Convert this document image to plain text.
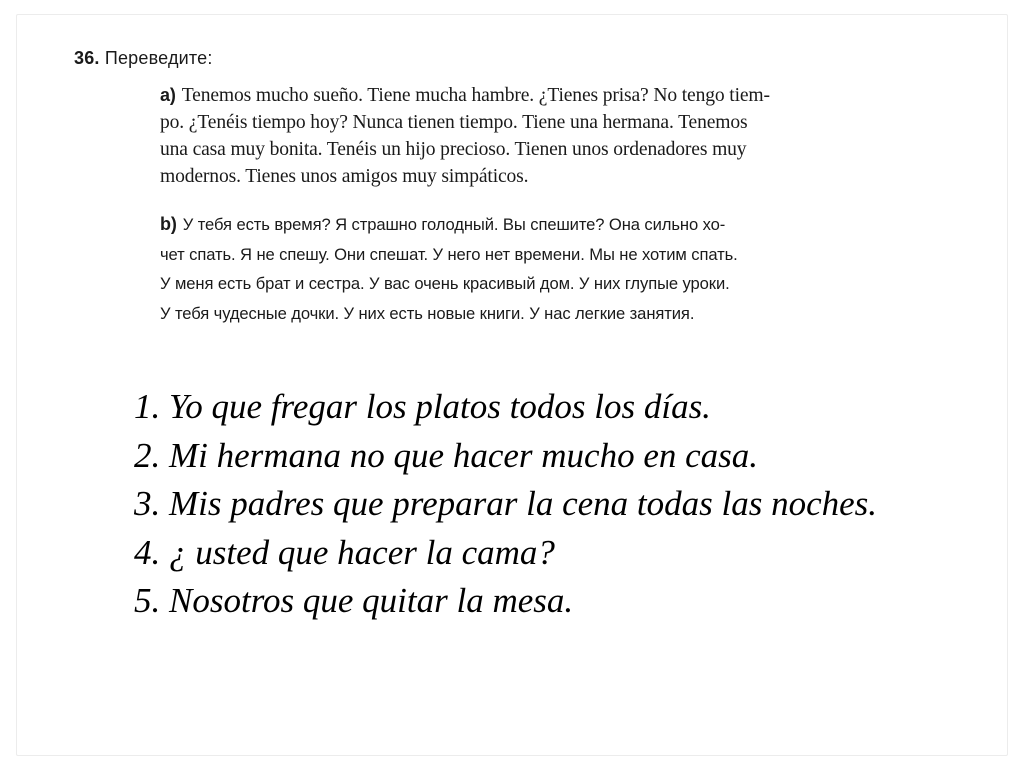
36. Переведите:
a) Tenemos mucho sueño. Tiene mucha hambre. ¿Tienes prisa? No tengo tiem-
po. ¿Tenéis tiempo hoy? Nunca tienen tiempo. Tiene una hermana. Tenemos
una casa muy bonita. Tenéis un hijo precioso. Tienen unos ordenadores muy
modernos. Tienes unos amigos muy simpáticos.
b) У тебя есть время? Я страшно голодный. Вы спешите? Она сильно хо-
чет спать. Я не спешу. Они спешат. У него нет времени. Мы не хотим спать.
У меня есть брат и сестра. У вас очень красивый дом. У них глупые уроки.
У тебя чудесные дочки. У них есть новые книги. У нас легкие занятия.
1. Yo que fregar los platos todos los días.
2. Mi hermana no que hacer mucho en casa.
3. Mis padres que preparar la cena todas las noches.
4. ¿ usted que hacer la cama?
5. Nosotros que quitar la mesa.
